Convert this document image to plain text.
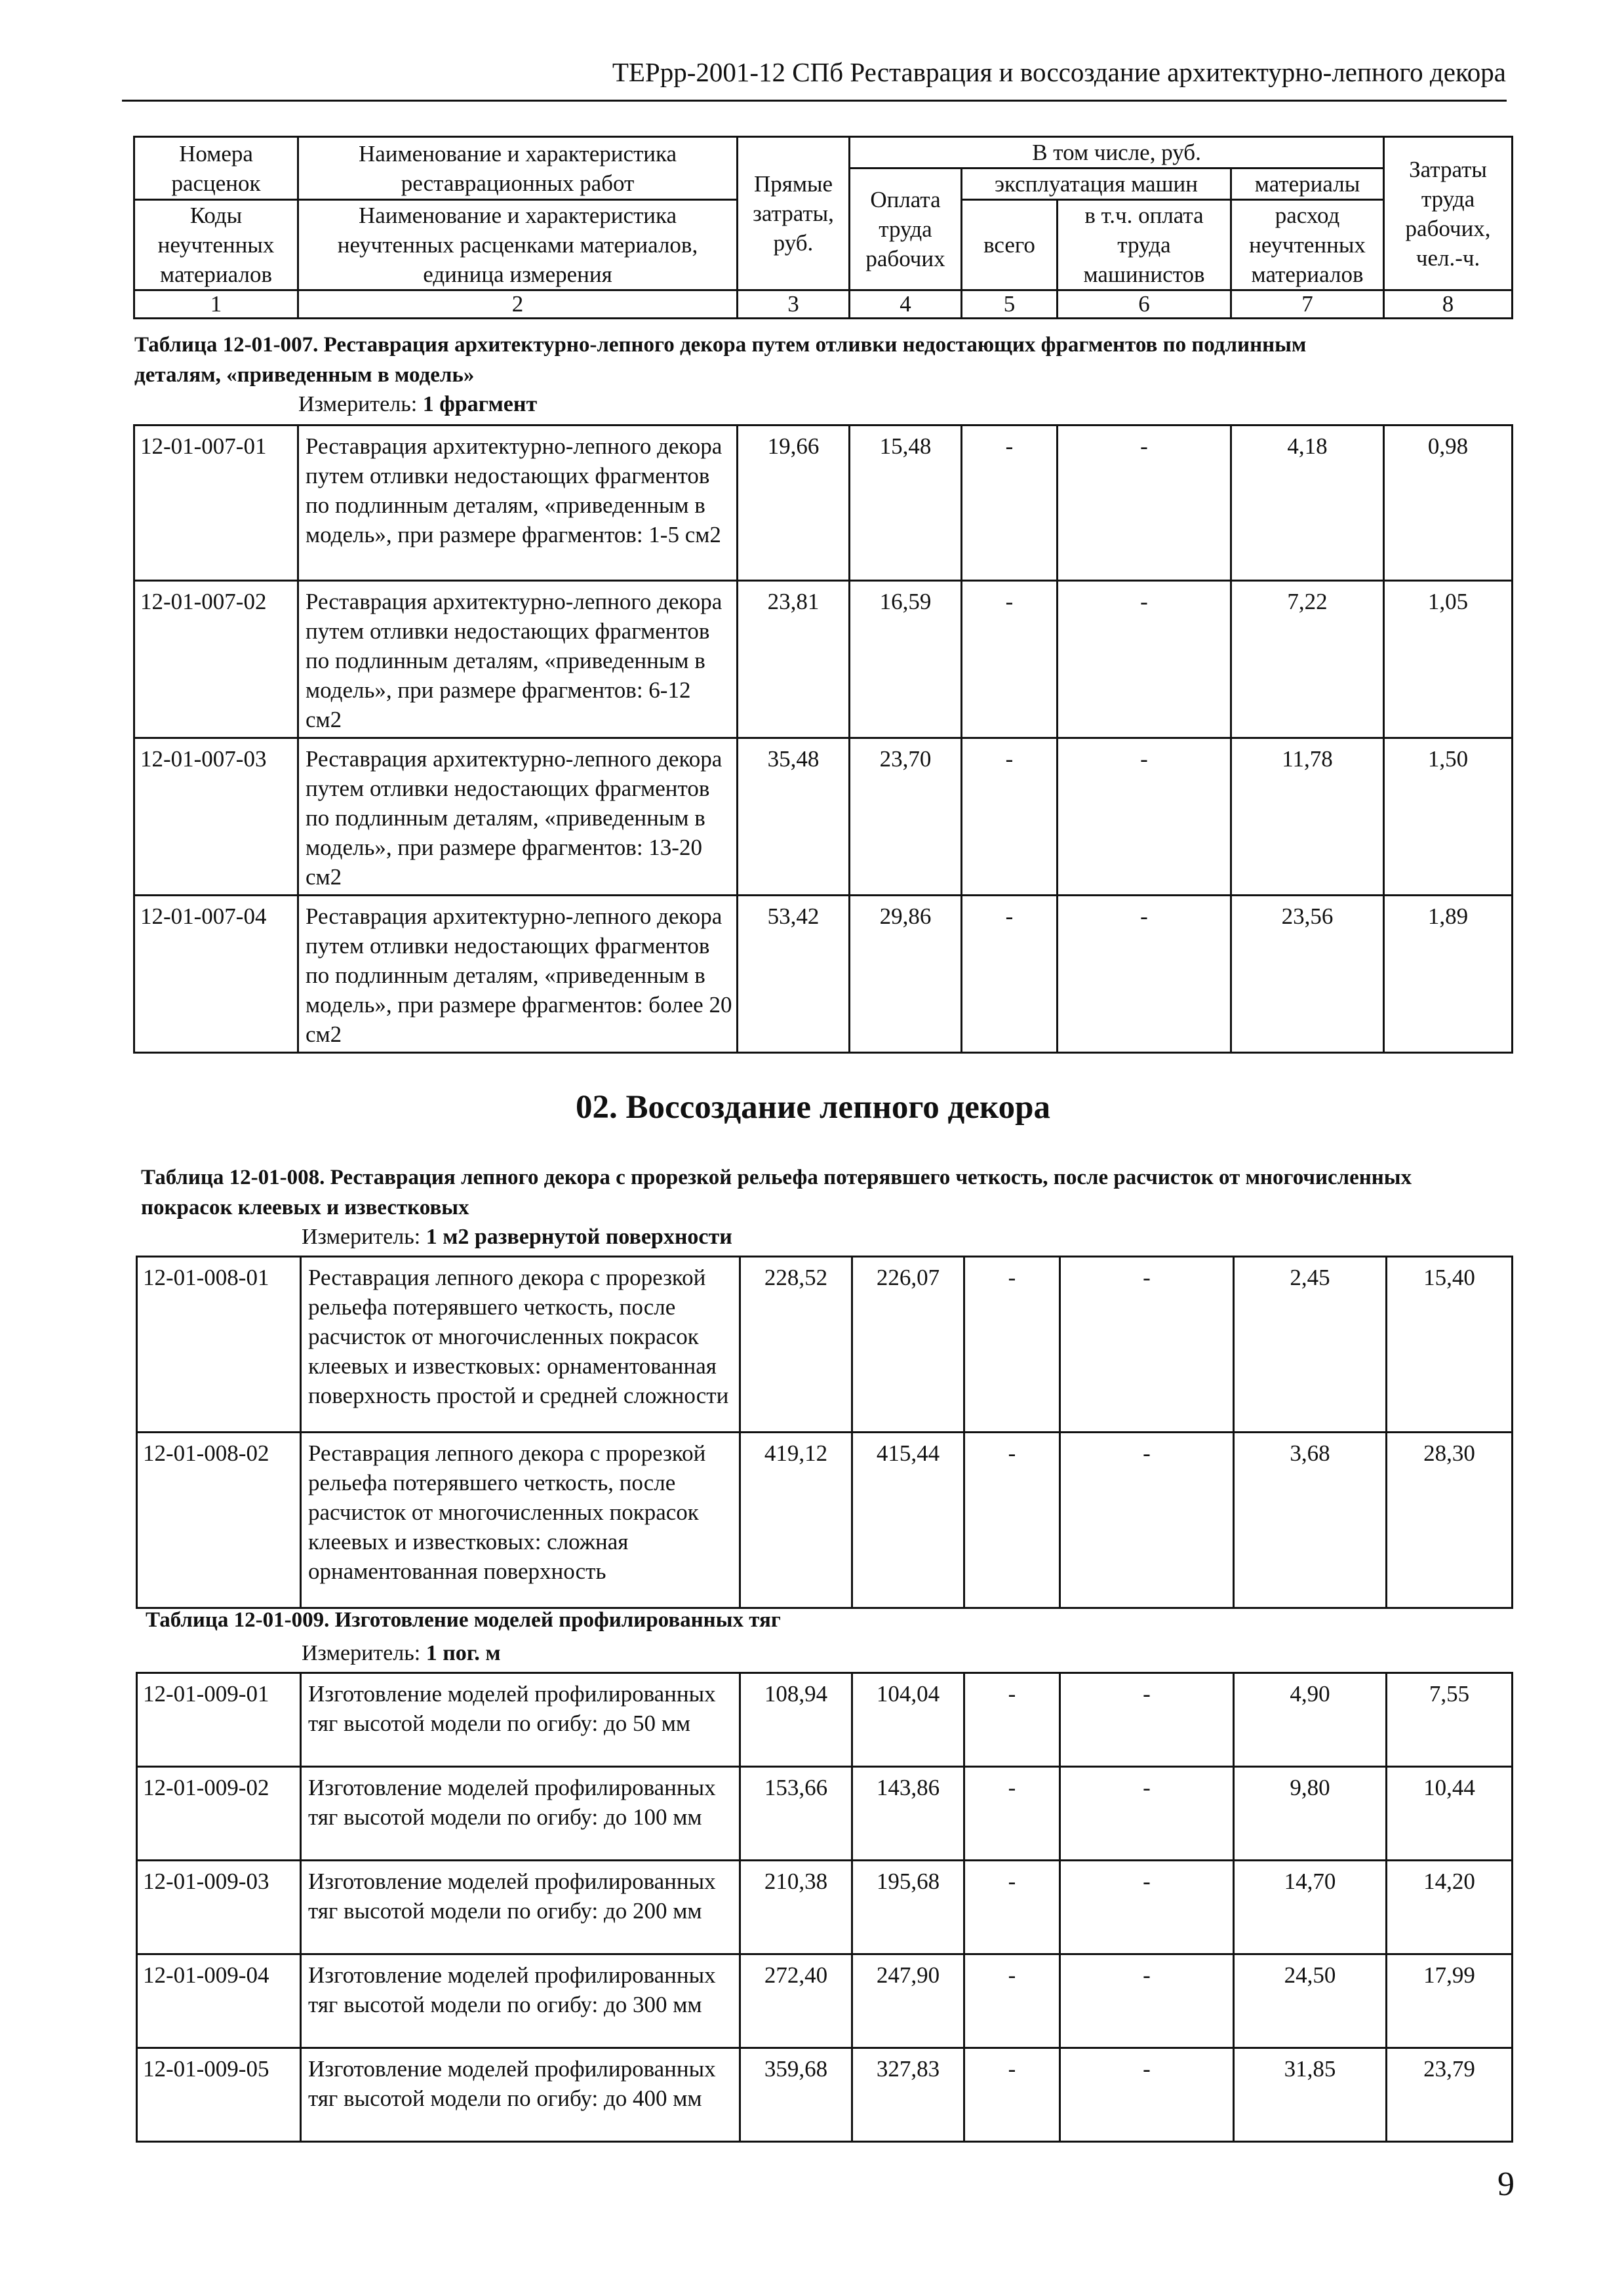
ТЕРрр-2001-12 СПб Реставрация и воссоздание архитектурно-лепного декора
Номера расценок	Наименование и характеристика реставрационных работ	Прямые затраты, руб.	В том числе, руб.				Затраты труда рабочих, чел.-ч.
			Оплата труда рабочих	эксплуатация машин		материалы	
Коды неучтенных материалов	Наименование и характеристика неучтенных расценками материалов, единица измерения			всего	в т.ч. оплата труда машинистов	расход неучтенных материалов	

1	2	3	4	5	6	7	8
Таблица 12-01-007. Реставрация архитектурно-лепного декора путем отливки недостающих фрагментов по подлинным деталям, «приведенным в модель»
Измеритель: 1 фрагмент
12-01-007-01	Реставрация архитектурно-лепного декора путем отливки недостающих фрагментов по подлинным деталям, «приведенным в модель», при размере фрагментов: 1-5 см2	19,66	15,48	-	-	4,18	0,98
12-01-007-02	Реставрация архитектурно-лепного декора путем отливки недостающих фрагментов по подлинным деталям, «приведенным в модель», при размере фрагментов: 6-12 см2	23,81	16,59	-	-	7,22	1,05
12-01-007-03	Реставрация архитектурно-лепного декора путем отливки недостающих фрагментов по подлинным деталям, «приведенным в модель», при размере фрагментов: 13-20 см2	35,48	23,70	-	-	11,78	1,50
12-01-007-04	Реставрация архитектурно-лепного декора путем отливки недостающих фрагментов по подлинным деталям, «приведенным в модель», при размере фрагментов: более 20 см2	53,42	29,86	-	-	23,56	1,89
02. Воссоздание лепного декора
Таблица 12-01-008. Реставрация лепного декора с прорезкой рельефа потерявшего четкость, после расчисток от многочисленных покрасок клеевых и известковых
Измеритель: 1 м2 развернутой поверхности
12-01-008-01	Реставрация лепного декора с прорезкой рельефа потерявшего четкость, после расчисток от многочисленных покрасок клеевых и известковых: орнаментованная поверхность простой и средней сложности	228,52	226,07	-	-	2,45	15,40
12-01-008-02	Реставрация лепного декора с прорезкой рельефа потерявшего четкость, после расчисток от многочисленных покрасок клеевых и известковых: сложная орнаментованная поверхность	419,12	415,44	-	-	3,68	28,30
Таблица 12-01-009. Изготовление моделей профилированных тяг
Измеритель: 1 пог. м
12-01-009-01	Изготовление моделей профилированных тяг высотой модели по огибу: до 50 мм	108,94	104,04	-	-	4,90	7,55
12-01-009-02	Изготовление моделей профилированных тяг высотой модели по огибу: до 100 мм	153,66	143,86	-	-	9,80	10,44
12-01-009-03	Изготовление моделей профилированных тяг высотой модели по огибу: до 200 мм	210,38	195,68	-	-	14,70	14,20
12-01-009-04	Изготовление моделей профилированных тяг высотой модели по огибу: до 300 мм	272,40	247,90	-	-	24,50	17,99
12-01-009-05	Изготовление моделей профилированных тяг высотой модели по огибу: до 400 мм	359,68	327,83	-	-	31,85	23,79
9
